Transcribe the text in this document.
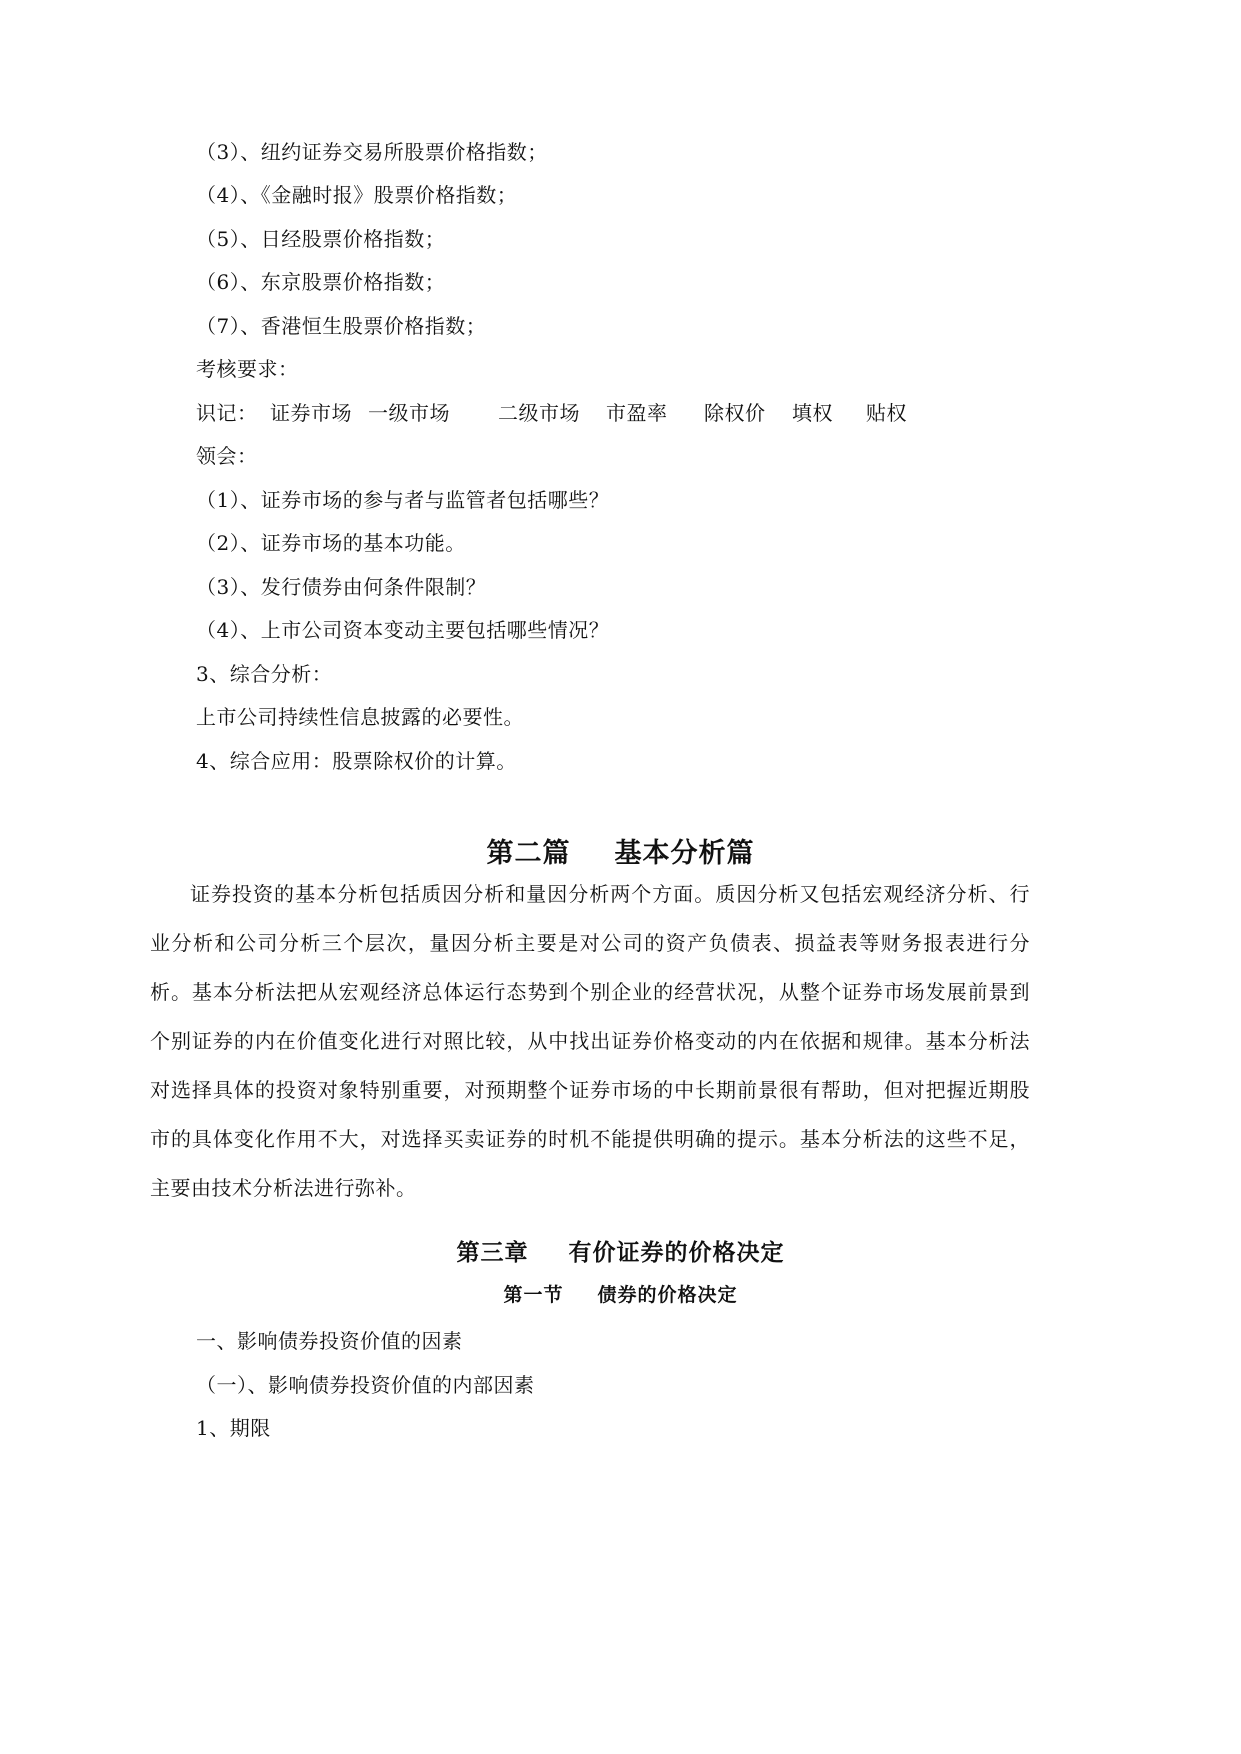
（3）、纽约证券交易所股票价格指数；
（4）、《金融时报》股票价格指数；
（5）、日经股票价格指数；
（6）、东京股票价格指数；
（7）、香港恒生股票价格指数；
考核要求：
识记： 证券市场 一级市场 二级市场 市盈率 除权价 填权 贴权
领会：
（1）、证券市场的参与者与监管者包括哪些？
（2）、证券市场的基本功能。
（3）、发行债券由何条件限制？
（4）、上市公司资本变动主要包括哪些情况？
3、综合分析：
上市公司持续性信息披露的必要性。
4、综合应用：股票除权价的计算。
第二篇 基本分析篇

证券投资的基本分析包括质因分析和量因分析两个方面。质因分析又包括宏观经济分析、行业分析和公司分析三个层次，量因分析主要是对公司的资产负债表、损益表等财务报表进行分析。基本分析法把从宏观经济总体运行态势到个别企业的经营状况，从整个证券市场发展前景到个别证券的内在价值变化进行对照比较，从中找出证券价格变动的内在依据和规律。基本分析法对选择具体的投资对象特别重要，对预期整个证券市场的中长期前景很有帮助，但对把握近期股市的具体变化作用不大，对选择买卖证券的时机不能提供明确的提示。基本分析法的这些不足，主要由技术分析法进行弥补。

第三章 有价证券的价格决定
第一节 债券的价格决定
一、影响债券投资价值的因素
（一）、影响债券投资价值的内部因素
1、期限
